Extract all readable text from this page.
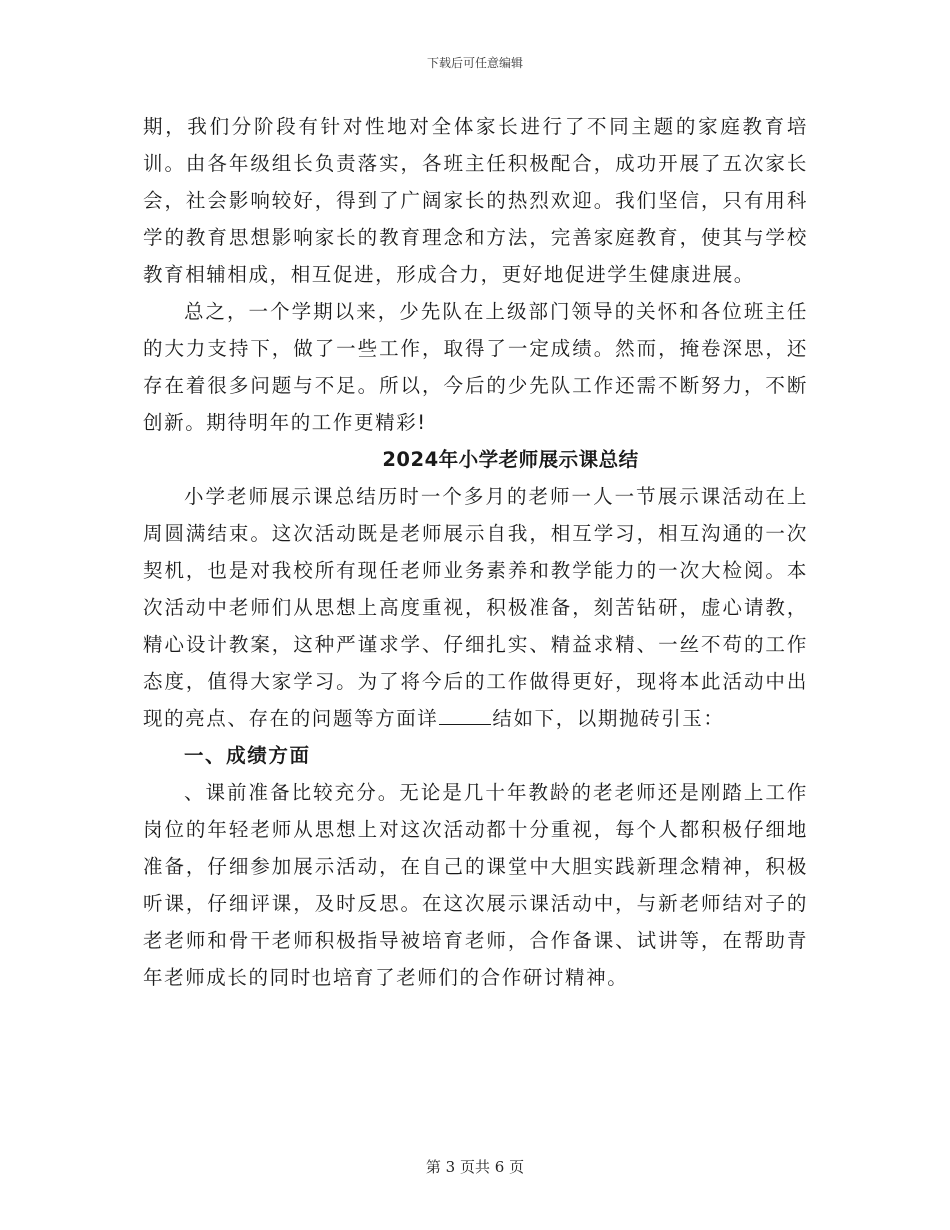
下载后可任意编辑

期，我们分阶段有针对性地对全体家长进行了不同主题的家庭教育培训。由各年级组长负责落实，各班主任积极配合，成功开展了五次家长会，社会影响较好，得到了广阔家长的热烈欢迎。我们坚信，只有用科学的教育思想影响家长的教育理念和方法，完善家庭教育，使其与学校教育相辅相成，相互促进，形成合力，更好地促进学生健康进展。

总之，一个学期以来，少先队在上级部门领导的关怀和各位班主任的大力支持下，做了一些工作，取得了一定成绩。然而，掩卷深思，还存在着很多问题与不足。所以，今后的少先队工作还需不断努力，不断创新。期待明年的工作更精彩!

2024年小学老师展示课总结

小学老师展示课总结历时一个多月的老师一人一节展示课活动在上周圆满结束。这次活动既是老师展示自我，相互学习，相互沟通的一次契机，也是对我校所有现任老师业务素养和教学能力的一次大检阅。本次活动中老师们从思想上高度重视，积极准备，刻苦钻研，虚心请教，精心设计教案，这种严谨求学、仔细扎实、精益求精、一丝不苟的工作态度，值得大家学习。为了将今后的工作做得更好，现将本此活动中出现的亮点、存在的问题等方面详	结如下，以期抛砖引玉：

一、成绩方面

、课前准备比较充分。无论是几十年教龄的老老师还是刚踏上工作岗位的年轻老师从思想上对这次活动都十分重视，每个人都积极仔细地准备，仔细参加展示活动，在自己的课堂中大胆实践新理念精神，积极听课，仔细评课，及时反思。在这次展示课活动中，与新老师结对子的老老师和骨干老师积极指导被培育老师，合作备课、试讲等，在帮助青年老师成长的同时也培育了老师们的合作研讨精神。

第 3 页共 6 页
